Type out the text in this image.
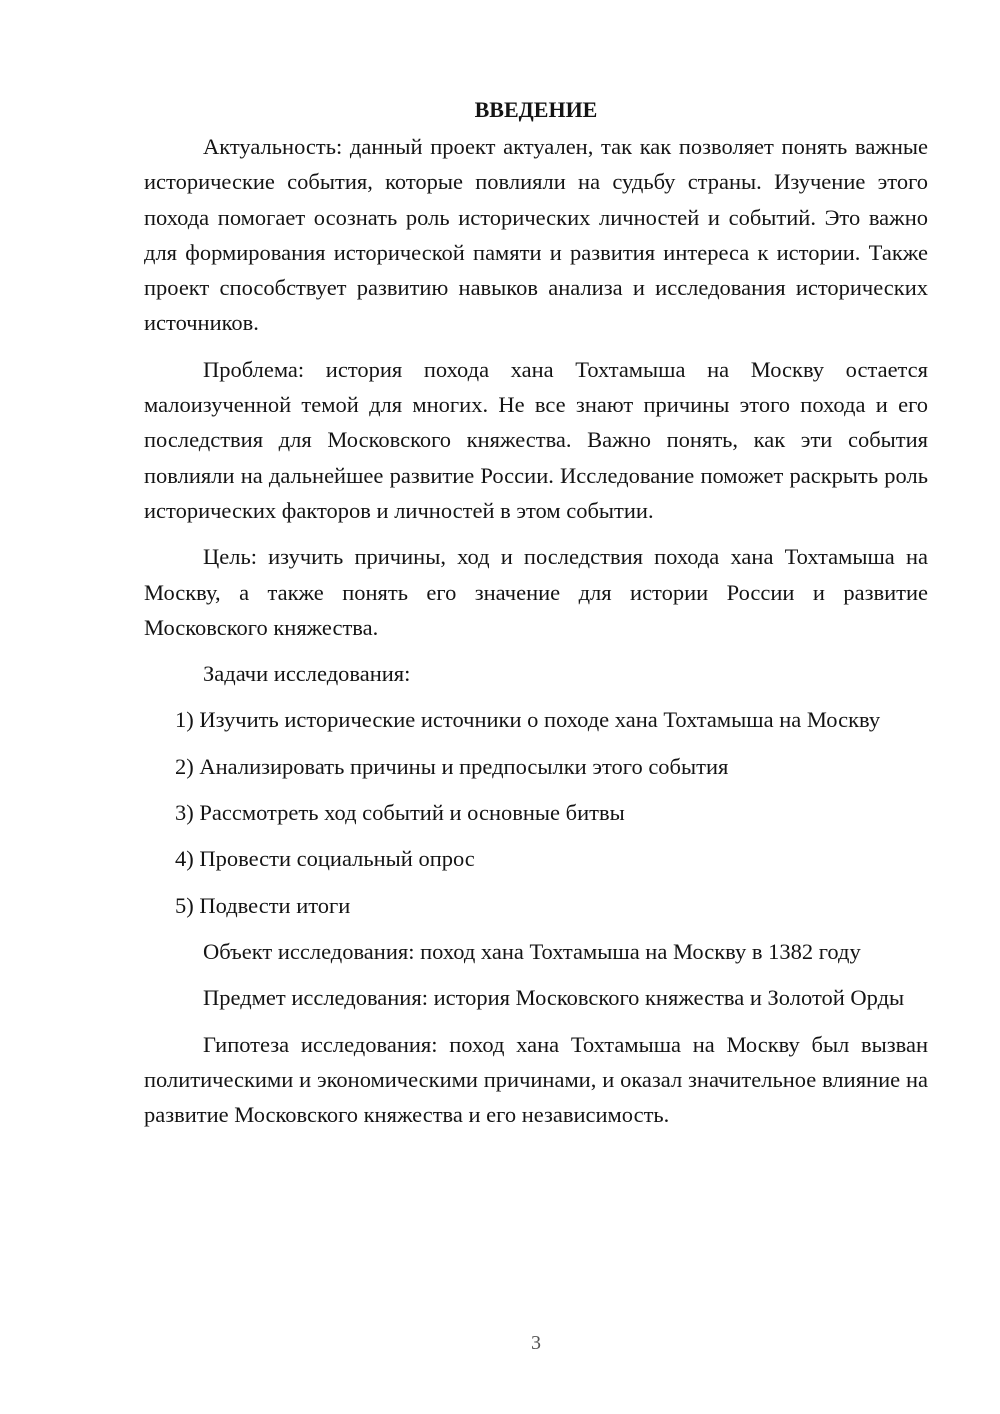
ВВЕДЕНИЕ

Актуальность: данный проект актуален, так как позволяет понять важные исторические события, которые повлияли на судьбу страны. Изучение этого похода помогает осознать роль исторических личностей и событий. Это важно для формирования исторической памяти и развития интереса к истории. Также проект способствует развитию навыков анализа и исследования исторических источников.

Проблема: история похода хана Тохтамыша на Москву остается малоизученной темой для многих. Не все знают причины этого похода и его последствия для Московского княжества. Важно понять, как эти события повлияли на дальнейшее развитие России. Исследование поможет раскрыть роль исторических факторов и личностей в этом событии.

Цель: изучить причины, ход и последствия похода хана Тохтамыша на Москву, а также понять его значение для истории России и развитие Московского княжества.

Задачи исследования:

1) Изучить исторические источники о походе хана Тохтамыша на Москву

2) Анализировать причины и предпосылки этого события

3) Рассмотреть ход событий и основные битвы

4) Провести социальный опрос

5) Подвести итоги

Объект исследования: поход хана Тохтамыша на Москву в 1382 году

Предмет исследования: история Московского княжества и Золотой Орды

Гипотеза исследования: поход хана Тохтамыша на Москву был вызван политическими и экономическими причинами, и оказал значительное влияние на развитие Московского княжества и его независимость.

3
